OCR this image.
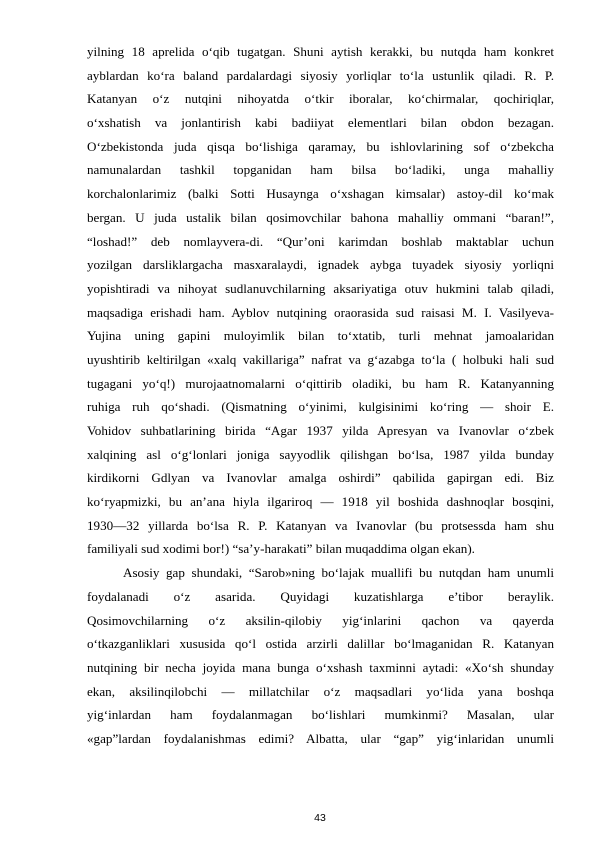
yilning 18 aprelida o‘qib tugatgan. Shuni aytish kerakki, bu nutqda ham konkret
ayblardan ko‘ra baland pardalardagi siyosiy yorliqlar to‘la ustunlik qiladi. R. P.
Katanyan o‘z nutqini nihoyatda o‘tkir iboralar, ko‘chirmalar, qochiriqlar,
o‘xshatish va jonlantirish kabi badiiyat elementlari bilan obdon bezagan.
O‘zbekistonda juda qisqa bo‘lishiga qaramay, bu ishlovlarining sof o‘zbekcha
namunalardan tashkil topganidan ham bilsa bo‘ladiki, unga mahalliy
korchalonlarimiz (balki Sotti Husaynga o‘xshagan kimsalar) astoy-dil ko‘mak
bergan. U juda ustalik bilan qosimovchilar bahona mahalliy ommani “baran!”,
“loshad!” deb nomlayvera-di. “Qur’oni karimdan boshlab maktablar uchun
yozilgan darsliklargacha masxaralaydi, ignadek aybga tuyadek siyosiy yorliqni
yopishtiradi va nihoyat sudlanuvchilarning aksariyatiga otuv hukmini talab qiladi,
maqsadiga erishadi ham. Ayblov nutqining oraorasida sud raisasi M. I. Vasilyeva-
Yujina uning gapini muloyimlik bilan to‘xtatib, turli mehnat jamoalaridan
uyushtirib keltirilgan «xalq vakillariga” nafrat va g‘azabga to‘la ( holbuki hali sud
tugagani yo‘q!) murojaatnomalarni o‘qittirib oladiki, bu ham R. Katanyanning
ruhiga ruh qo‘shadi. (Qismatning o‘yinimi, kulgisinimi ko‘ring — shoir E.
Vohidov suhbatlarining birida “Agar 1937 yilda Apresyan va Ivanovlar o‘zbek
xalqining asl o‘g‘lonlari joniga sayyodlik qilishgan bo‘lsa, 1987 yilda bunday
kirdikorni Gdlyan va Ivanovlar amalga oshirdi” qabilida gapirgan edi. Biz
ko‘ryapmizki, bu an’ana hiyla ilgariroq — 1918 yil boshida dashnoqlar bosqini,
1930—32 yillarda bo‘lsa R. P. Katanyan va Ivanovlar (bu protsessda ham shu
familiyali sud xodimi bor!) “sa’y-harakati” bilan muqaddima olgan ekan).
Asosiy gap shundaki, “Sarob»ning bo‘lajak muallifi bu nutqdan ham unumli
foydalanadi o‘z asarida. Quyidagi kuzatishlarga e’tibor beraylik.
Qosimovchilarning o‘z aksilin-qilobiy yig‘inlarini qachon va qayerda
o‘tkazganliklari xususida qo‘l ostida arzirli dalillar bo‘lmaganidan R. Katanyan
nutqining bir necha joyida mana bunga o‘xshash taxminni aytadi: «Xo‘sh shunday
ekan, aksilinqilobchi — millatchilar o‘z maqsadlari yo‘lida yana boshqa
yig‘inlardan ham foydalanmagan bo‘lishlari mumkinmi? Masalan, ular
«gap”lardan foydalanishmas edimi? Albatta, ular “gap” yig‘inlaridan unumli
43
